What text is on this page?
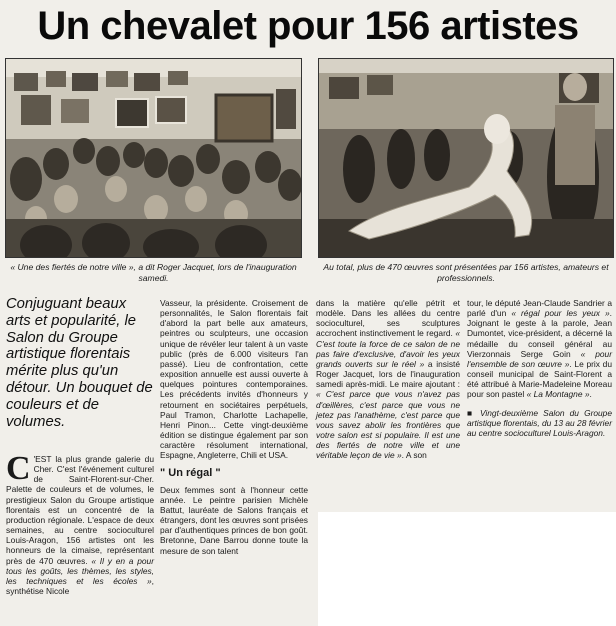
Un chevalet pour 156 artistes
« Une des fiertés de notre ville », a dit Roger Jacquet, lors de l'inauguration samedi.
Au total, plus de 470 œuvres sont présentées par 156 artistes, amateurs et professionnels.
Conjuguant beaux arts et popularité, le Salon du Groupe artistique florentais mérite plus qu'un détour. Un bouquet de couleurs et de volumes.

C 'EST la plus grande galerie du Cher. C'est l'événement culturel de Saint-Florent-sur-Cher. Palette de couleurs et de volumes, le prestigieux Salon du Groupe artistique florentais est un concentré de la production régionale. L'espace de deux semaines, au centre socioculturel Louis-Aragon, 156 artistes ont les honneurs de la cimaise, représentant près de 470 œuvres. « Il y en a pour tous les goûts, les thèmes, les styles, les techniques et les écoles », synthétise Nicole

Vasseur, la présidente. Croisement de personnalités, le Salon florentais fait d'abord la part belle aux amateurs, peintres ou sculpteurs, une occasion unique de révéler leur talent à un vaste public (près de 6.000 visiteurs l'an passé). Lieu de confrontation, cette exposition annuelle est aussi ouverte à quelques pointures contemporaines. Les précédents invités d'honneurs y retournent en sociétaires perpétuels, Paul Tramon, Charlotte Lachapelle, Henri Pinon... Cette vingt-deuxième édition se distingue également par son caractère résolument international, Espagne, Angleterre, Chili et USA.

" Un régal "

Deux femmes sont à l'honneur cette année. Le peintre parisien Michèle Battut, lauréate de Salons français et étrangers, dont les œuvres sont prisées par d'authentiques princes de bon goût. Bretonne, Dane Barrou donne toute la mesure de son talent

dans la matière qu'elle pétrit et modèle. Dans les allées du centre socioculturel, ses sculptures accrochent instinctivement le regard. « C'est toute la force de ce salon de ne pas faire d'exclusive, d'avoir les yeux grands ouverts sur le réel » a insisté Roger Jacquet, lors de l'inauguration samedi après-midi. Le maire ajoutant : « C'est parce que vous n'avez pas d'œillères, c'est parce que vous ne jetez pas l'anathème, c'est parce que vous savez abolir les frontières que votre salon est si populaire. Il est une des fiertés de notre ville et une véritable leçon de vie ». A son

tour, le député Jean-Claude Sandrier a parlé d'un « régal pour les yeux ». Joignant le geste à la parole, Jean Dumontet, vice-président, a décerné la médaille du conseil général au Vierzonnais Serge Goin « pour l'ensemble de son œuvre ». Le prix du conseil municipal de Saint-Florent a été attribué à Marie-Madeleine Moreau pour son pastel « La Montagne ».

■ Vingt-deuxième Salon du Groupe artistique florentais, du 13 au 28 février au centre socioculturel Louis-Aragon.
